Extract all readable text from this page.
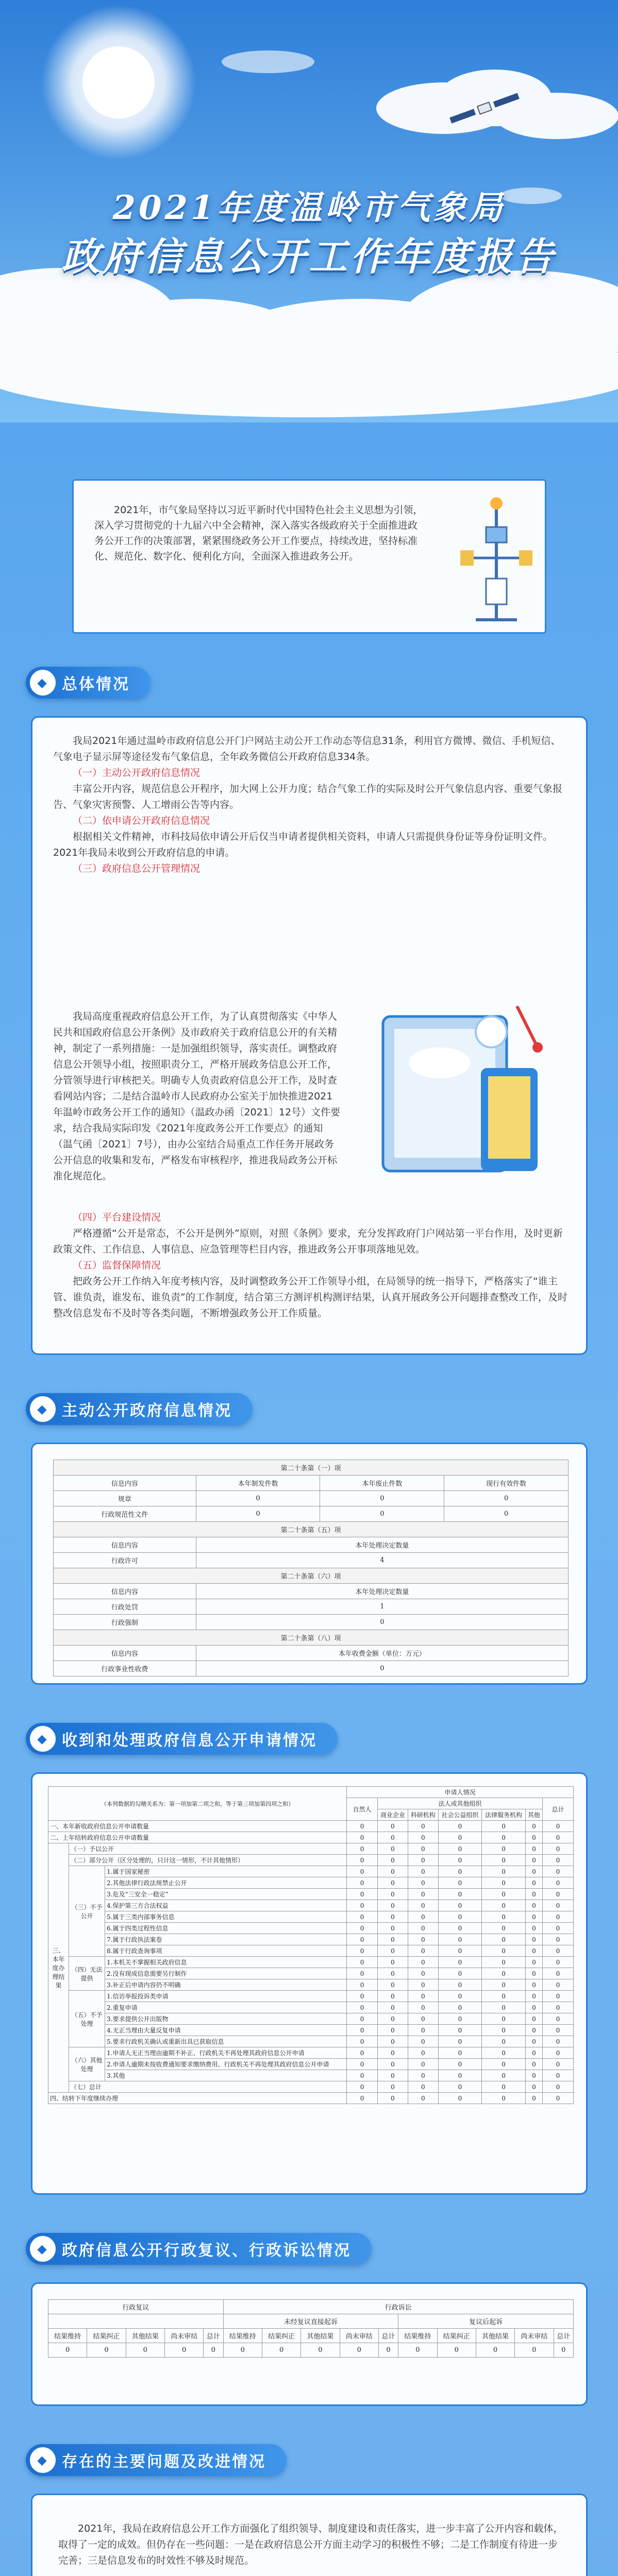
2021年度温岭市气象局
政府信息公开工作年度报告

2021年，市气象局坚持以习近平新时代中国特色社会主义思想为引领，深入学习贯彻党的十九届六中全会精神，深入落实各级政府关于全面推进政务公开工作的决策部署，紧紧围绕政务公开工作要点，持续改进，坚持标准化、规范化、数字化、便利化方向，全面深入推进政务公开。

◆ 总体情况

我局2021年通过温岭市政府信息公开门户网站主动公开工作动态等信息31条，利用官方微博、微信、手机短信、气象电子显示屏等途径发布气象信息，全年政务微信公开政府信息334条。

（一）主动公开政府信息情况

丰富公开内容，规范信息公开程序，加大网上公开力度；结合气象工作的实际及时公开气象信息内容、重要气象报告、气象灾害预警、人工增雨公告等内容。

（二）依申请公开政府信息情况

根据相关文件精神，市科技局依申请公开后仅当申请者提供相关资料，申请人只需提供身份证等身份证明文件。2021年我局未收到公开政府信息的申请。

（三）政府信息公开管理情况

我局高度重视政府信息公开工作，为了认真贯彻落实《中华人民共和国政府信息公开条例》及市政府关于政府信息公开的有关精神，制定了一系列措施：一是加强组织领导，落实责任。调整政府信息公开领导小组，按照职责分工，严格开展政务信息公开工作，分管领导进行审核把关。明确专人负责政府信息公开工作，及时查看网站内容；二是结合温岭市人民政府办公室关于加快推进2021年温岭市政务公开工作的通知》（温政办函〔2021〕12号）文件要求，结合我局实际印发《2021年度政务公开工作要点》的通知（温气函〔2021〕7号），由办公室结合局重点工作任务开展政务公开信息的收集和发布，严格发布审核程序，推进我局政务公开标准化规范化。

（四）平台建设情况

严格遵循“公开是常态，不公开是例外”原则，对照《条例》要求，充分发挥政府门户网站第一平台作用，及时更新政策文件、工作信息、人事信息、应急管理等栏目内容，推进政务公开事项落地见效。

（五）监督保障情况

把政务公开工作纳入年度考核内容，及时调整政务公开工作领导小组，在局领导的统一指导下，严格落实了“谁主管、谁负责，谁发布、谁负责”的工作制度，结合第三方测评机构测评结果，认真开展政务公开问题排查整改工作，及时整改信息发布不及时等各类问题，不断增强政务公开工作质量。

◆ 主动公开政府信息情况
第二十条第（一）项			
信息内容	本年制发件数	本年废止件数	现行有效件数
规章	0	0	0
行政规范性文件	0	0	0
第二十条第（五）项			
信息内容	本年处理决定数量		
行政许可	4		
第二十条第（六）项			
信息内容	本年处理决定数量		
行政处罚	1		
行政强制	0		
第二十条第（八）项			
信息内容	本年收费金额（单位：万元）		
行政事业性收费	0		
◆ 收到和处理政府信息公开申请情况
（本列数据的勾稽关系为：第一项加第二项之和，等于第三项加第四项之和）			申请人情况						
			自然人	法人或其他组织					总计
				商业企业	科研机构	社会公益组织	法律服务机构	其他	
一、本年新收政府信息公开申请数量			0	0	0	0	0	0	0
二、上年结转政府信息公开申请数量			0	0	0	0	0	0	0
三、本年度办理结果	（一）予以公开		0	0	0	0	0	0	0
	（二）部分公开（区分处理的，只计这一情形，不计其他情形）		0	0	0	0	0	0	0
	（三）不予公开	1.属于国家秘密	0	0	0	0	0	0	0
		2.其他法律行政法规禁止公开	0	0	0	0	0	0	0
		3.危及“三安全一稳定”	0	0	0	0	0	0	0
		4.保护第三方合法权益	0	0	0	0	0	0	0
		5.属于三类内部事务信息	0	0	0	0	0	0	0
		6.属于四类过程性信息	0	0	0	0	0	0	0
		7.属于行政执法案卷	0	0	0	0	0	0	0
		8.属于行政查询事项	0	0	0	0	0	0	0
	（四）无法提供	1.本机关不掌握相关政府信息	0	0	0	0	0	0	0
		2.没有现成信息需要另行制作	0	0	0	0	0	0	0
		3.补正后申请内容仍不明确	0	0	0	0	0	0	0
	（五）不予处理	1.信访举报投诉类申请	0	0	0	0	0	0	0
		2.重复申请	0	0	0	0	0	0	0
		3.要求提供公开出版物	0	0	0	0	0	0	0
		4.无正当理由大量反复申请	0	0	0	0	0	0	0
		5.要求行政机关确认或重新出具已获取信息	0	0	0	0	0	0	0
	（六）其他处理	1.申请人无正当理由逾期不补正、行政机关不再处理其政府信息公开申请	0	0	0	0	0	0	0
		2.申请人逾期未按收费通知要求缴纳费用、行政机关不再处理其政府信息公开申请	0	0	0	0	0	0	0
		3.其他	0	0	0	0	0	0	0
	（七）总计		0	0	0	0	0	0	0
四、结转下年度继续办理			0	0	0	0	0	0	0
◆ 政府信息公开行政复议、行政诉讼情况
行政复议					行政诉讼									
					未经复议直接起诉					复议后起诉				
结果维持	结果纠正	其他结果	尚未审结	总计	结果维持	结果纠正	其他结果	尚未审结	总计	结果维持	结果纠正	其他结果	尚未审结	总计
0	0	0	0	0	0	0	0	0	0	0	0	0	0	0
◆ 存在的主要问题及改进情况

2021年，我局在政府信息公开工作方面强化了组织领导、制度建设和责任落实，进一步丰富了公开内容和载体，取得了一定的成效。但仍存在一些问题：一是在政府信息公开方面主动学习的积极性不够；二是工作制度有待进一步完善；三是信息发布的时效性不够及时规范。
